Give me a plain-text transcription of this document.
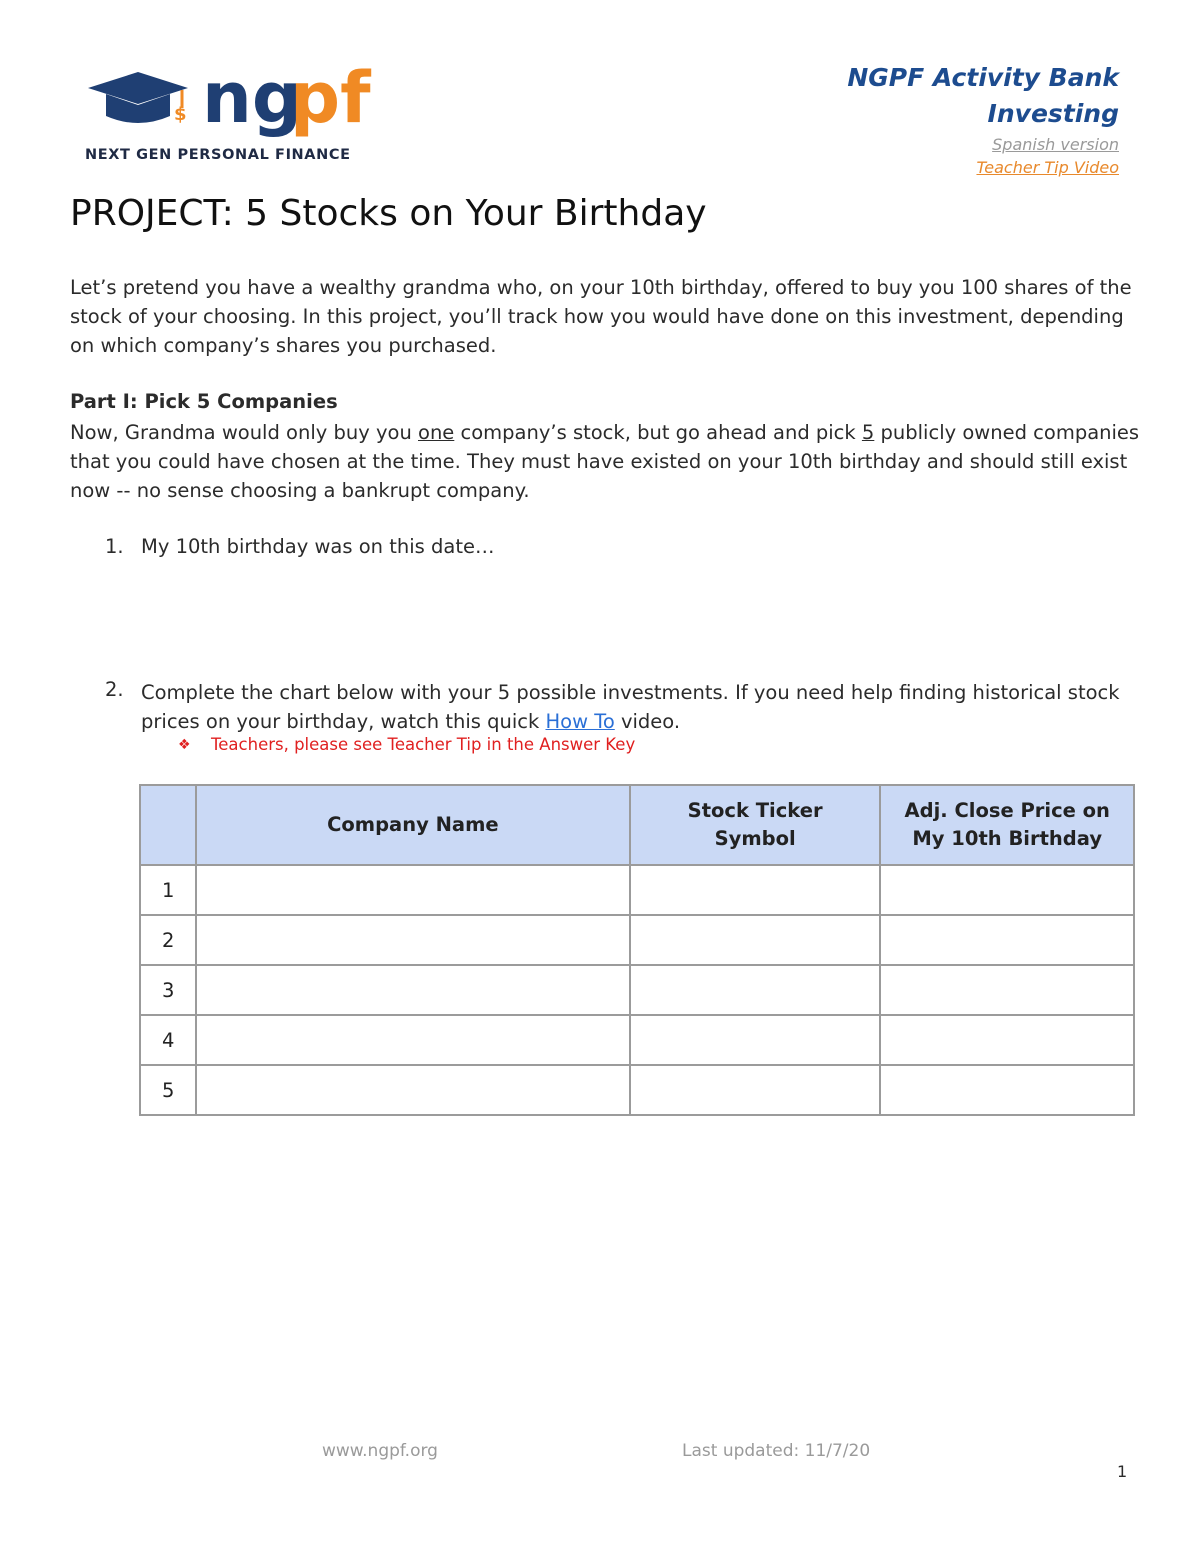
$ ng
pf
NEXT GEN PERSONAL FINANCE
NGPF Activity Bank
Investing
Spanish version
Teacher Tip Video
PROJECT: 5 Stocks on Your Birthday
Let’s pretend you have a wealthy grandma who, on your 10th birthday, offered to buy you 100 shares of the stock of your choosing. In this project, you’ll track how you would have done on this investment, depending on which company’s shares you purchased.
Part I: Pick 5 Companies
Now, Grandma would only buy you one company’s stock, but go ahead and pick 5 publicly owned companies that you could have chosen at the time. They must have existed on your 10th birthday and should still exist now -- no sense choosing a bankrupt company.
1. My 10th birthday was on this date…
2. Complete the chart below with your 5 possible investments. If you need help finding historical stock prices on your birthday, watch this quick How To video.
❖ Teachers, please see Teacher Tip in the Answer Key
	Company Name	Stock Ticker Symbol	Adj. Close Price on My 10th Birthday
1			
2			
3			
4			
5			
www.ngpf.org	Last updated: 11/7/20
1
